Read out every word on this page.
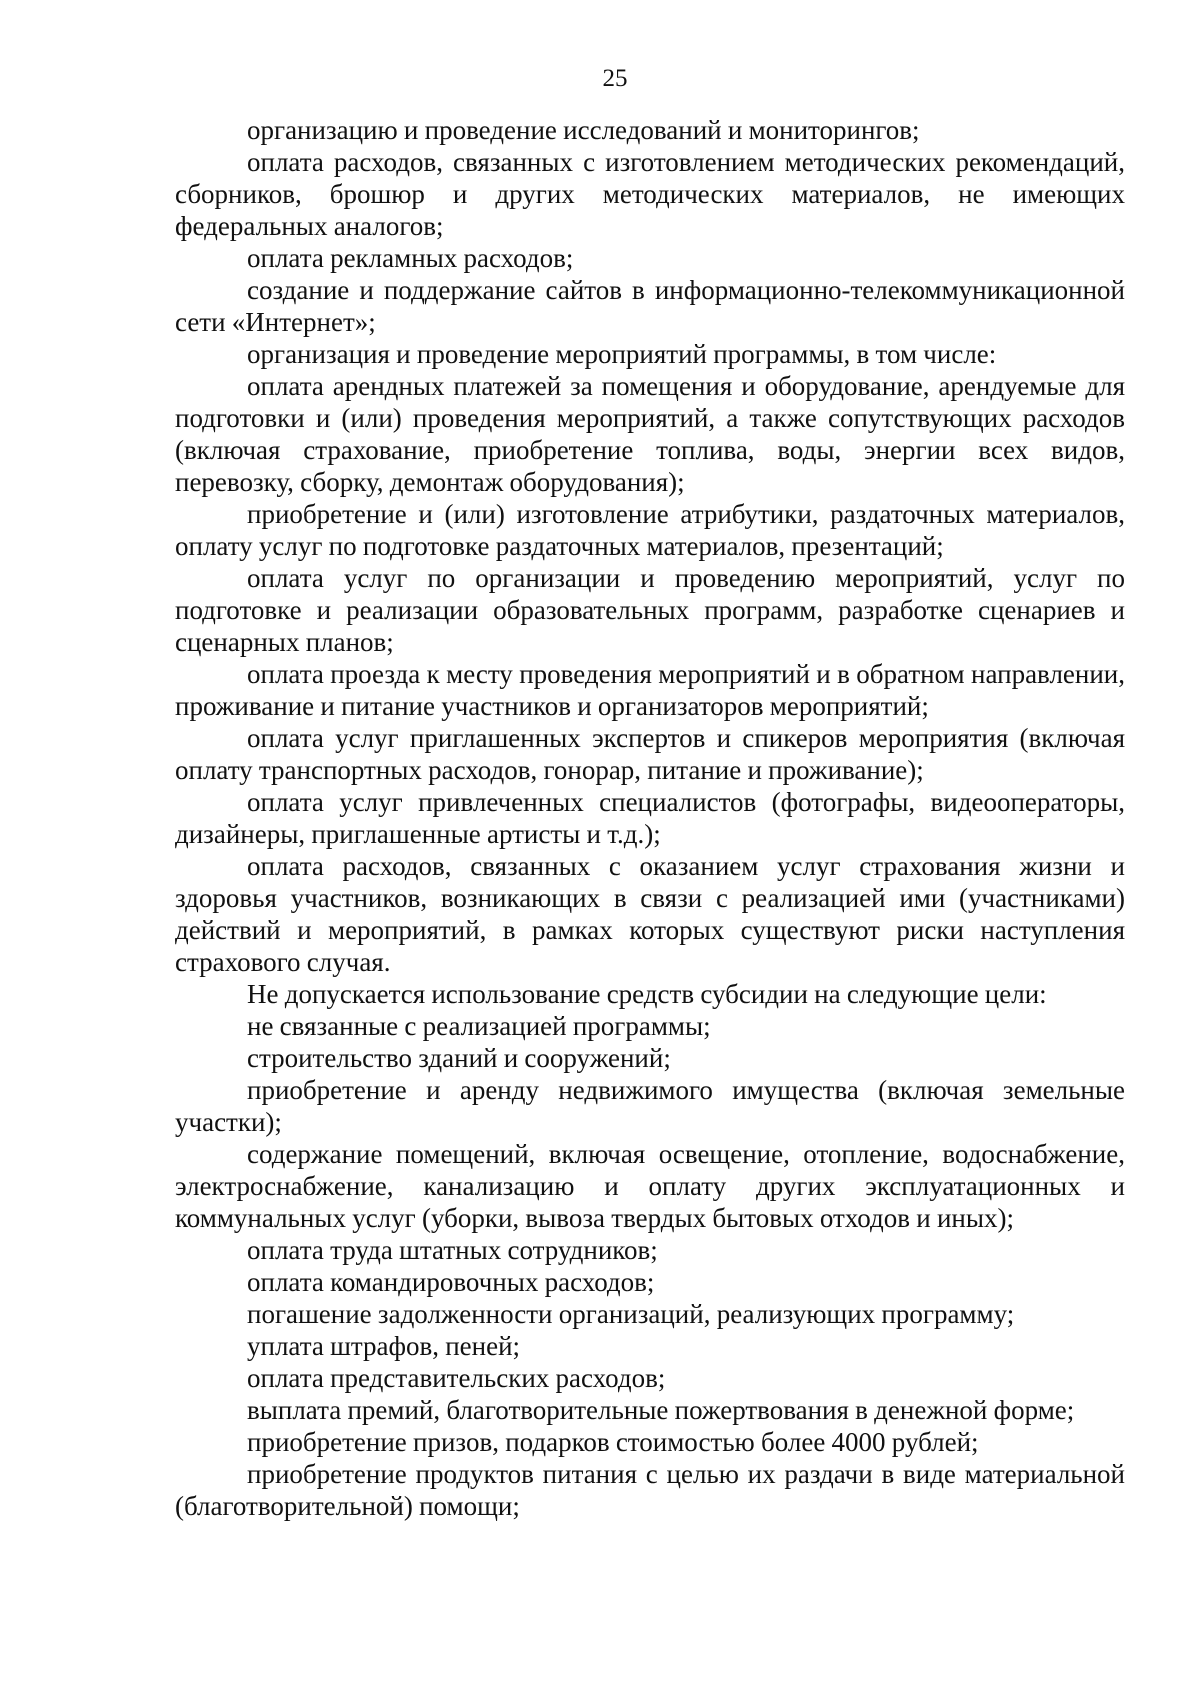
25

организацию и проведение исследований и мониторингов;

оплата расходов, связанных с изготовлением методических рекомендаций, сборников, брошюр и других методических материалов, не имеющих федеральных аналогов;

оплата рекламных расходов;

создание и поддержание сайтов в информационно-телекоммуникационной сети «Интернет»;

организация и проведение мероприятий программы, в том числе:

оплата арендных платежей за помещения и оборудование, арендуемые для подготовки и (или) проведения мероприятий, а также сопутствующих расходов (включая страхование, приобретение топлива, воды, энергии всех видов, перевозку, сборку, демонтаж оборудования);

приобретение и (или) изготовление атрибутики, раздаточных материалов, оплату услуг по подготовке раздаточных материалов, презентаций;

оплата услуг по организации и проведению мероприятий, услуг по подготовке и реализации образовательных программ, разработке сценариев и сценарных планов;

оплата проезда к месту проведения мероприятий и в обратном направлении, проживание и питание участников и организаторов мероприятий;

оплата услуг приглашенных экспертов и спикеров мероприятия (включая оплату транспортных расходов, гонорар, питание и проживание);

оплата услуг привлеченных специалистов (фотографы, видеооператоры, дизайнеры, приглашенные артисты и т.д.);

оплата расходов, связанных с оказанием услуг страхования жизни и здоровья участников, возникающих в связи с реализацией ими (участниками) действий и мероприятий, в рамках которых существуют риски наступления страхового случая.

Не допускается использование средств субсидии на следующие цели:

не связанные с реализацией программы;

строительство зданий и сооружений;

приобретение и аренду недвижимого имущества (включая земельные участки);

содержание помещений, включая освещение, отопление, водоснабжение, электроснабжение, канализацию и оплату других эксплуатационных и коммунальных услуг (уборки, вывоза твердых бытовых отходов и иных);

оплата труда штатных сотрудников;

оплата командировочных расходов;

погашение задолженности организаций, реализующих программу;

уплата штрафов, пеней;

оплата представительских расходов;

выплата премий, благотворительные пожертвования в денежной форме;

приобретение призов, подарков стоимостью более 4000 рублей;

приобретение продуктов питания с целью их раздачи в виде материальной (благотворительной) помощи;
